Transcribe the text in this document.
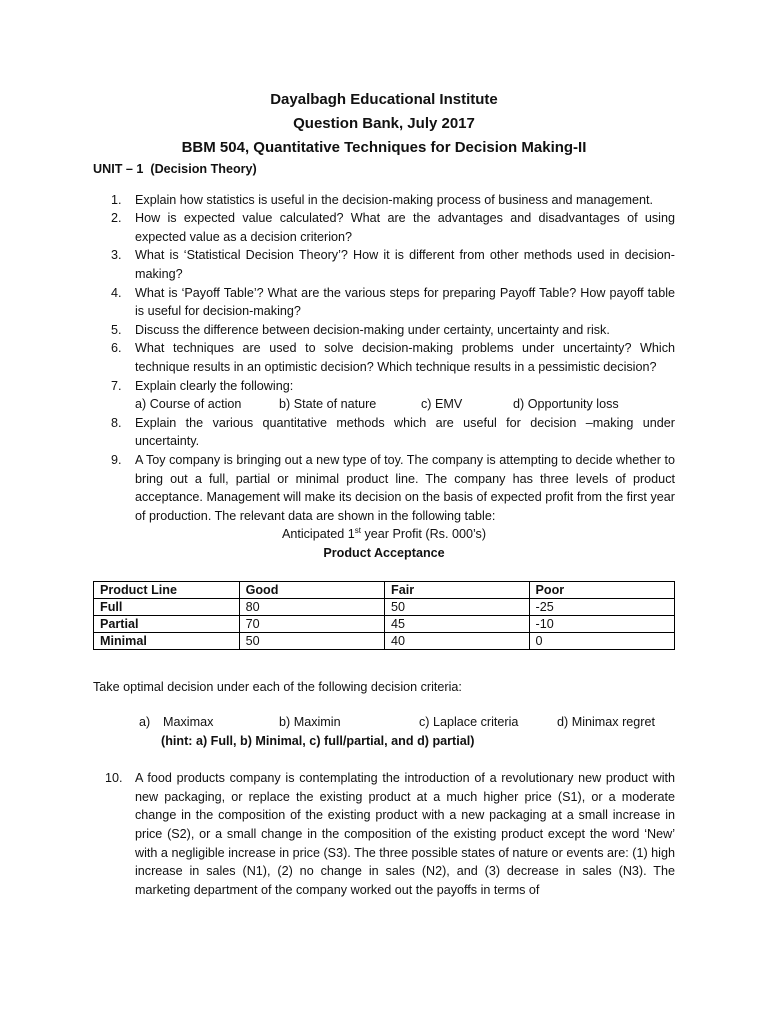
Dayalbagh Educational Institute
Question Bank, July 2017
BBM 504, Quantitative Techniques for Decision Making-II
UNIT – 1 (Decision Theory)
1. Explain how statistics is useful in the decision-making process of business and management.
2. How is expected value calculated? What are the advantages and disadvantages of using expected value as a decision criterion?
3. What is ‘Statistical Decision Theory’? How it is different from other methods used in decision-making?
4. What is ‘Payoff Table’? What are the various steps for preparing Payoff Table? How payoff table is useful for decision-making?
5. Discuss the difference between decision-making under certainty, uncertainty and risk.
6. What techniques are used to solve decision-making problems under uncertainty? Which technique results in an optimistic decision? Which technique results in a pessimistic decision?
7. Explain clearly the following:
a) Course of action	b) State of nature	c) EMV	d) Opportunity loss
8. Explain the various quantitative methods which are useful for decision –making under uncertainty.
9. A Toy company is bringing out a new type of toy. The company is attempting to decide whether to bring out a full, partial or minimal product line. The company has three levels of product acceptance. Management will make its decision on the basis of expected profit from the first year of production. The relevant data are shown in the following table:
Anticipated 1st year Profit (Rs. 000’s)
Product Acceptance
Product Line	Good	Fair	Poor
Full	80	50	-25
Partial	70	45	-10
Minimal	50	40	0
Take optimal decision under each of the following decision criteria:
a)	Maximax	b) Maximin	c) Laplace criteria	d) Minimax regret
(hint: a) Full, b) Minimal, c) full/partial, and d) partial)
10. A food products company is contemplating the introduction of a revolutionary new product with new packaging, or replace the existing product at a much higher price (S1), or a moderate change in the composition of the existing product with a new packaging at a small increase in price (S2), or a small change in the composition of the existing product except the word ‘New’ with a negligible increase in price (S3). The three possible states of nature or events are: (1) high increase in sales (N1), (2) no change in sales (N2), and (3) decrease in sales (N3). The marketing department of the company worked out the payoffs in terms of
